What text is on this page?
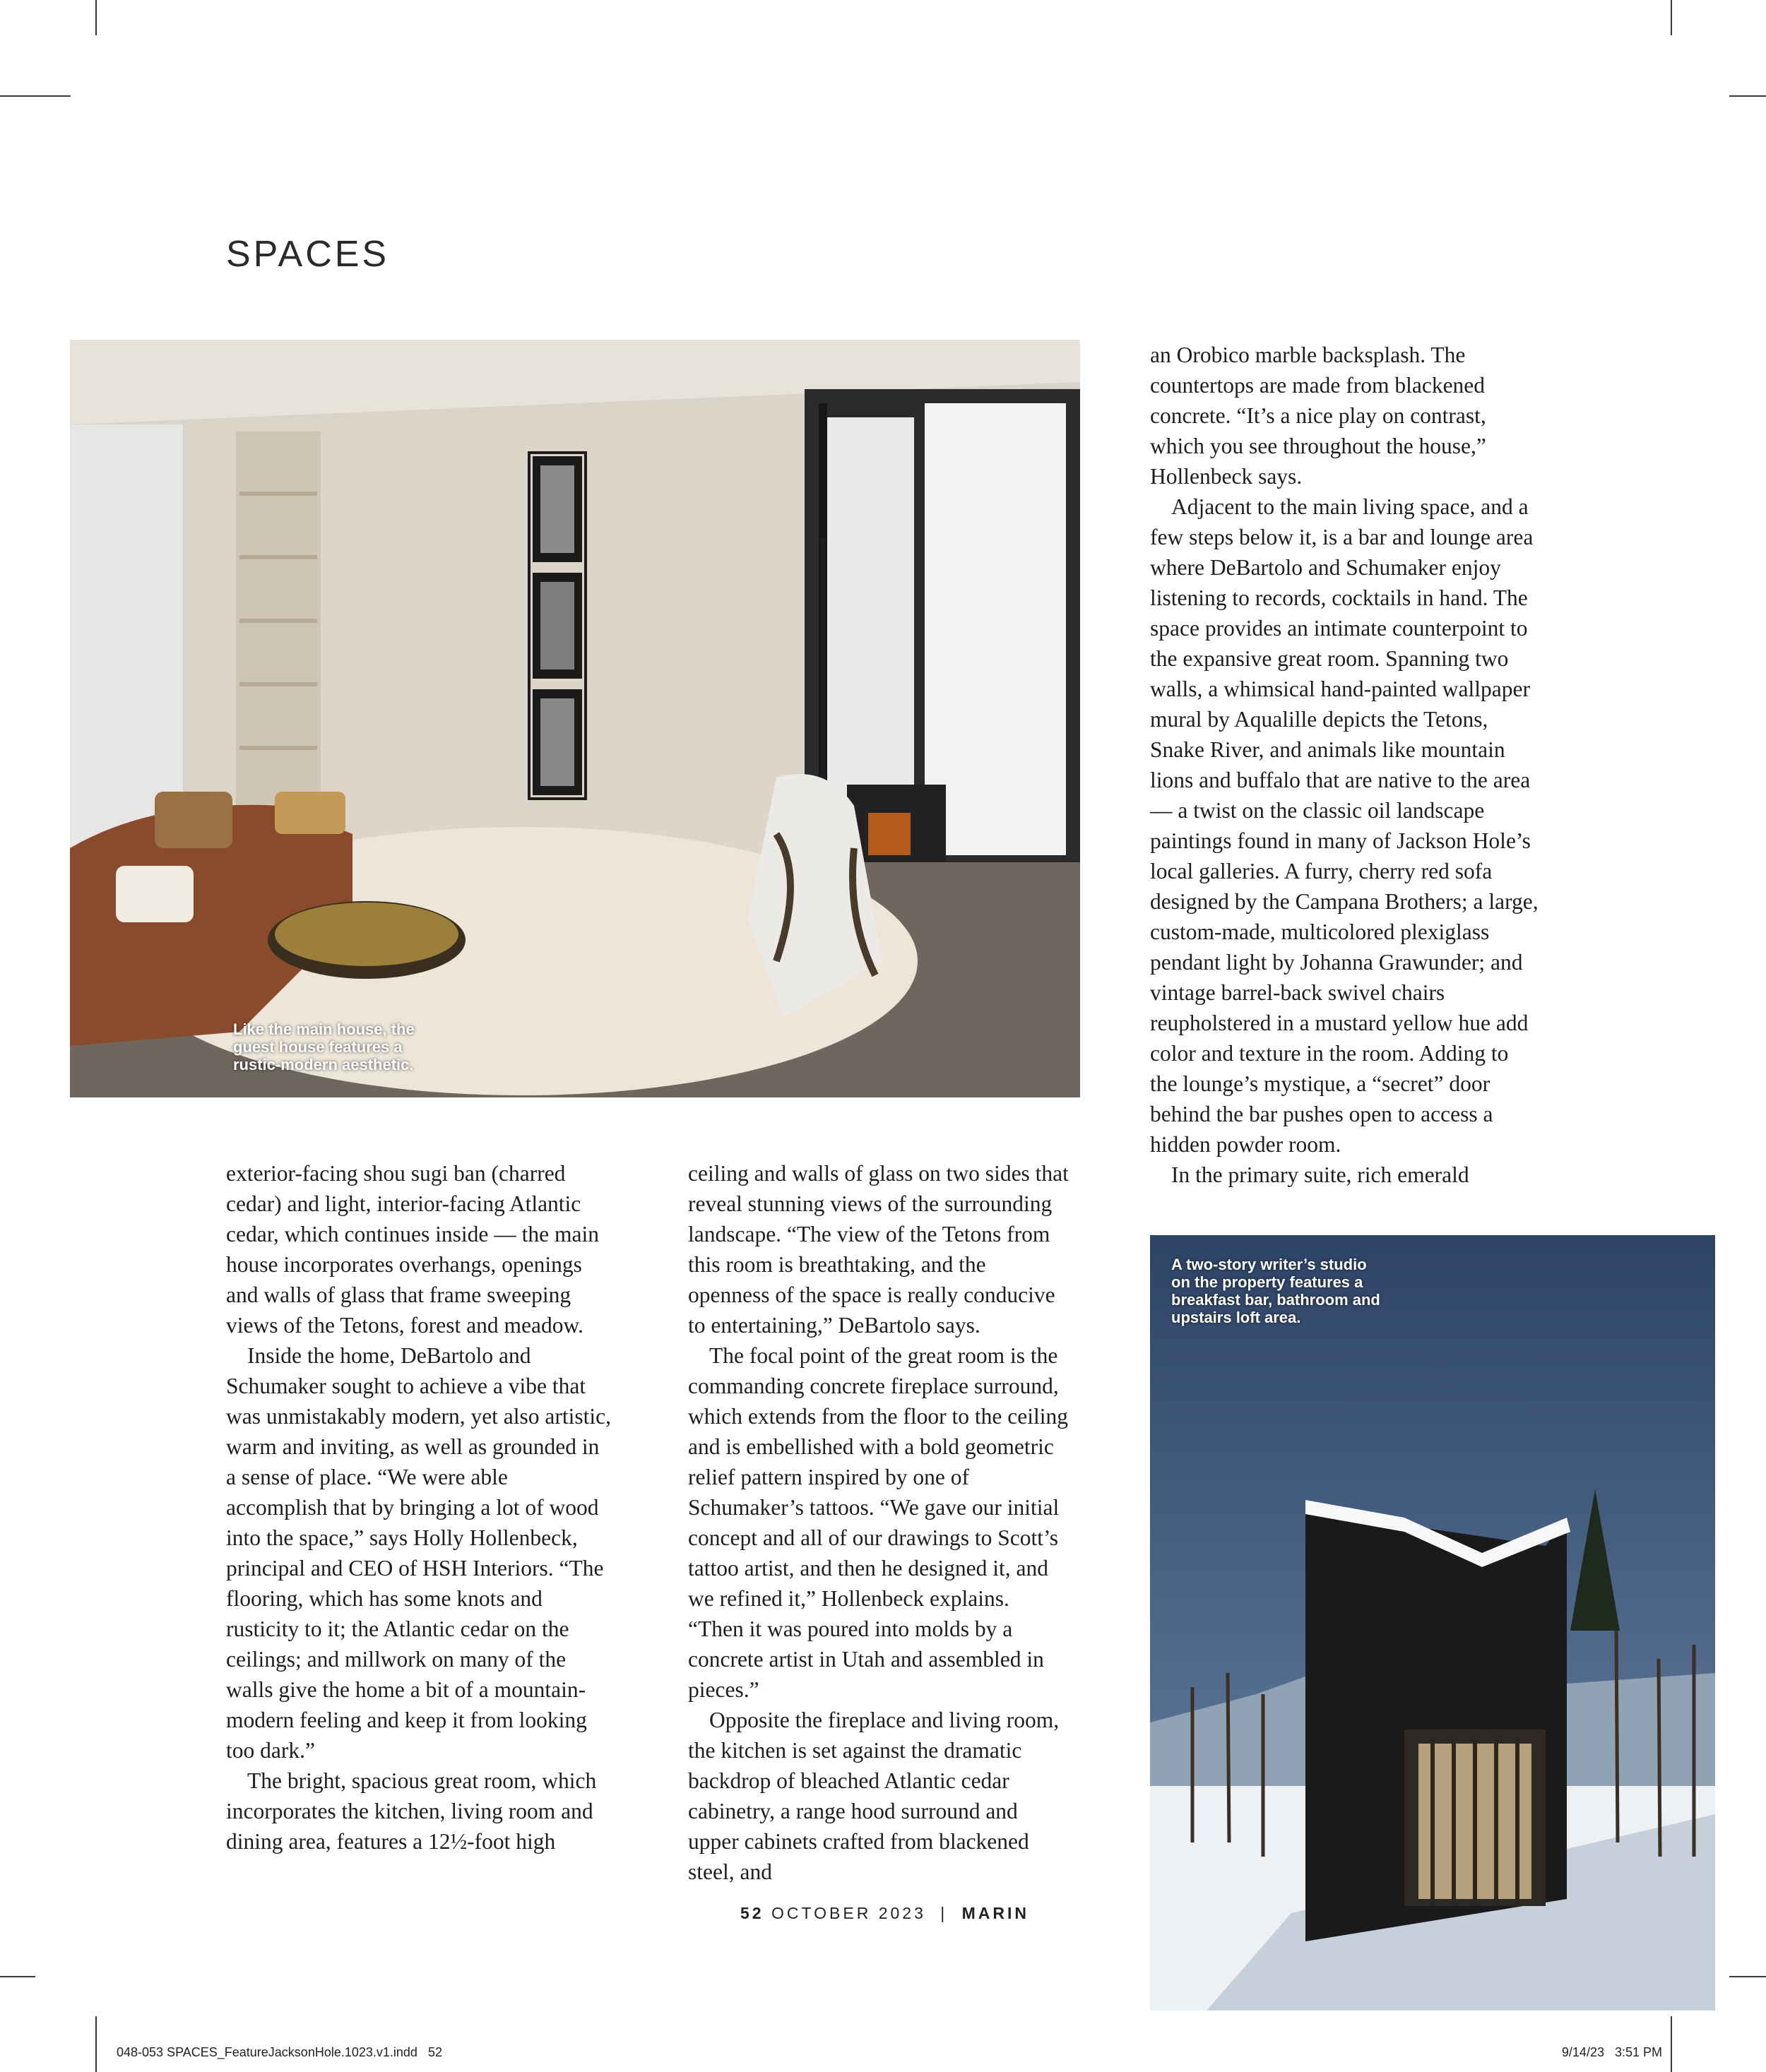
SPACES
Like the main house, the guest house features a rustic-modern aesthetic.
A two-story writer’s studio on the property features a breakfast bar, bathroom and upstairs loft area.

exterior-facing shou sugi ban (charred cedar) and light, interior-facing Atlantic cedar, which continues inside — the main house incorporates overhangs, openings and walls of glass that frame sweeping views of the Tetons, forest and meadow.

Inside the home, DeBartolo and Schumaker sought to achieve a vibe that was unmistakably modern, yet also artistic, warm and inviting, as well as grounded in a sense of place. “We were able accomplish that by bringing a lot of wood into the space,” says Holly Hollenbeck, principal and CEO of HSH Interiors. “The flooring, which has some knots and rusticity to it; the Atlantic cedar on the ceilings; and millwork on many of the walls give the home a bit of a mountain-modern feeling and keep it from looking too dark.”

The bright, spacious great room, which incorporates the kitchen, living room and dining area, features a 12½-foot high

ceiling and walls of glass on two sides that reveal stunning views of the surrounding landscape. “The view of the Tetons from this room is breathtaking, and the openness of the space is really conducive to entertaining,” DeBartolo says.

The focal point of the great room is the commanding concrete fireplace surround, which extends from the floor to the ceiling and is embellished with a bold geometric relief pattern inspired by one of Schumaker’s tattoos. “We gave our initial concept and all of our drawings to Scott’s tattoo artist, and then he designed it, and we refined it,” Hollenbeck explains. “Then it was poured into molds by a concrete artist in Utah and assembled in pieces.”

Opposite the fireplace and living room, the kitchen is set against the dramatic backdrop of bleached Atlantic cedar cabinetry, a range hood surround and upper cabinets crafted from blackened steel, and

an Orobico marble backsplash. The countertops are made from blackened concrete. “It’s a nice play on contrast, which you see throughout the house,” Hollenbeck says.

Adjacent to the main living space, and a few steps below it, is a bar and lounge area where DeBartolo and Schumaker enjoy listening to records, cocktails in hand. The space provides an intimate counterpoint to the expansive great room. Spanning two walls, a whimsical hand-painted wallpaper mural by Aqualille depicts the Tetons, Snake River, and animals like mountain lions and buffalo that are native to the area — a twist on the classic oil landscape paintings found in many of Jackson Hole’s local galleries. A furry, cherry red sofa designed by the Campana Brothers; a large, custom-made, multicolored plexiglass pendant light by Johanna Grawunder; and vintage barrel-back swivel chairs reupholstered in a mustard yellow hue add color and texture in the room. Adding to the lounge’s mystique, a “secret” door behind the bar pushes open to access a hidden powder room.

In the primary suite, rich emerald

52 OCTOBER 2023 | MARIN
048-053 SPACES_FeatureJacksonHole.1023.v1.indd   52	9/14/23   3:51 PM
